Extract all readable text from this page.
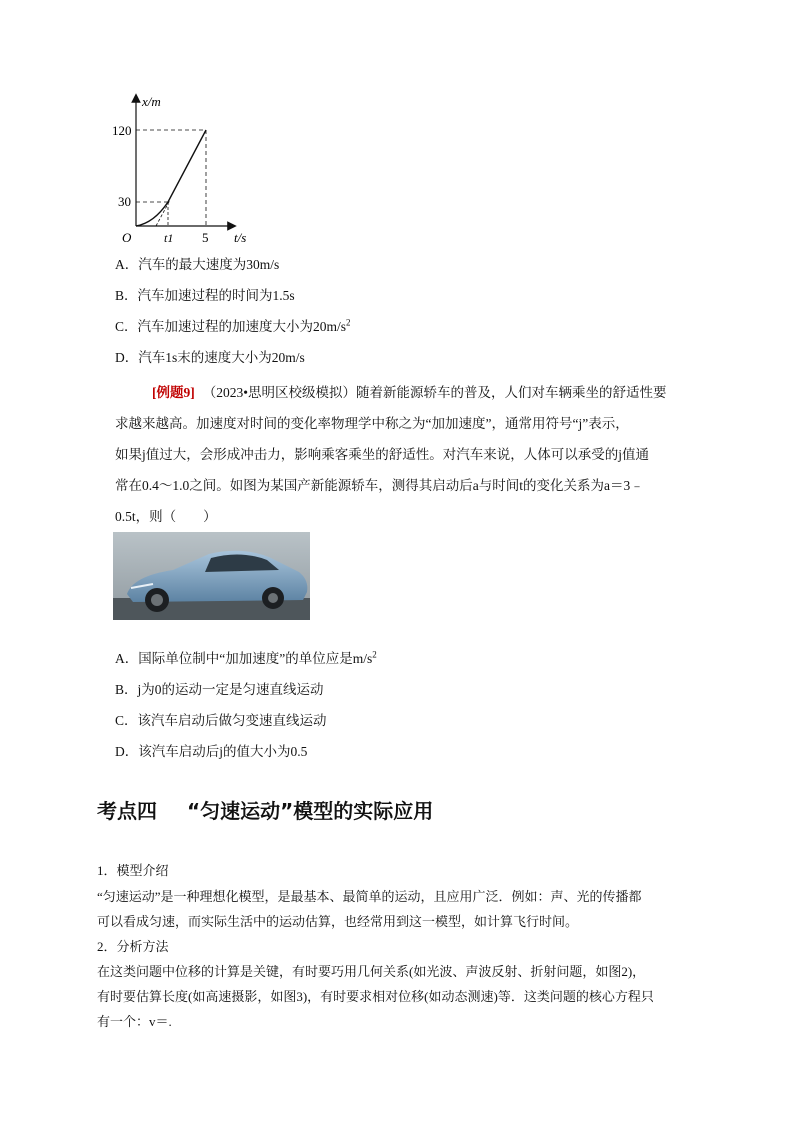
x/m
t/s
O
120
30
t1 5
A．汽车的最大速度为30m/s
B．汽车加速过程的时间为1.5s
C．汽车加速过程的加速度大小为$20m/s^2$
D．汽车1s末的速度大小为20m/s
[例题9] （2023•思明区校级模拟）随着新能源轿车的普及，人们对车辆乘坐的舒适性要
求越来越高。加速度对时间的变化率物理学中称之为“加加速度”，通常用符号“j”表示，
如果j值过大，会形成冲击力，影响乘客乘坐的舒适性。对汽车来说，人体可以承受的j值通
常在0.4～1.0之间。如图为某国产新能源轿车，测得其启动后a与时间t的变化关系为a＝3﹣
0.5t，则（　　）
A．国际单位制中“加加速度”的单位应是$m/s^2$
B．j为0的运动一定是匀速直线运动
C．该汽车启动后做匀变速直线运动
D．该汽车启动后j的值大小为0.5
考点四 “匀速运动”模型的实际应用
1．模型介绍
“匀速运动”是一种理想化模型，是最基本、最简单的运动，且应用广泛．例如：声、光的传播都
可以看成匀速，而实际生活中的运动估算，也经常用到这一模型，如计算飞行时间。
2．分析方法
在这类问题中位移的计算是关键，有时要巧用几何关系(如光波、声波反射、折射问题，如图2)，
有时要估算长度(如高速摄影，如图3)，有时要求相对位移(如动态测速)等．这类问题的核心方程只
有一个：v＝.
